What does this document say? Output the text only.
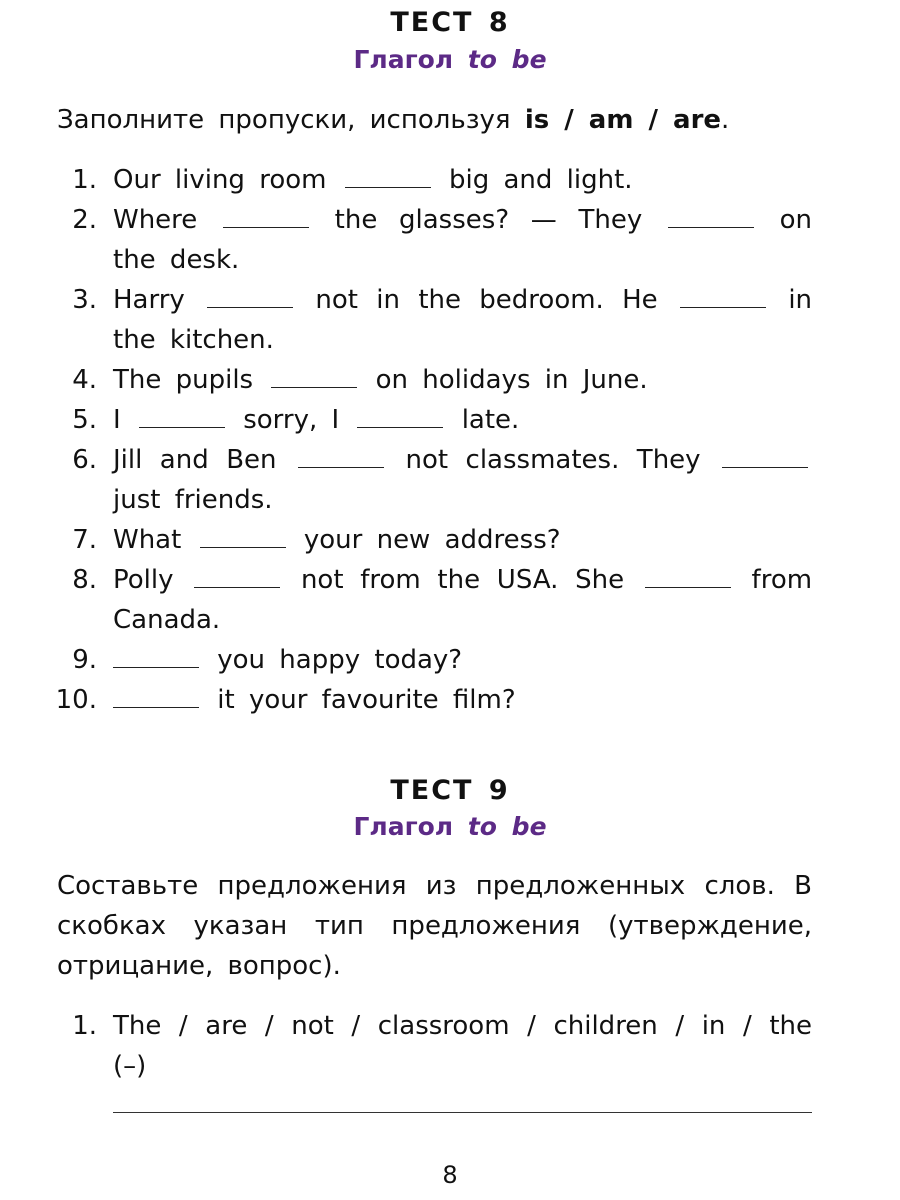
ТЕСТ 8
Глагол to be
Заполните пропуски, используя is / am / are.
1. Our living room	big and light.
2. Where	the glasses? — They	on the desk.
3. Harry	not in the bedroom. He	in the kitchen.
4. The pupils	on holidays in June.
5. I	sorry, I	late.
6. Jill and Ben	not classmates. They  just friends.
7. What	your new address?
8. Polly	not from the USA. She	from Canada.
9.	you happy today?
10.	it your favourite film?
ТЕСТ 9
Глагол to be
Составьте предложения из предложенных слов. В скобках указан тип предложения (утверждение, отрицание, вопрос).
1. The / are / not / classroom / children / in / the (–)
8
